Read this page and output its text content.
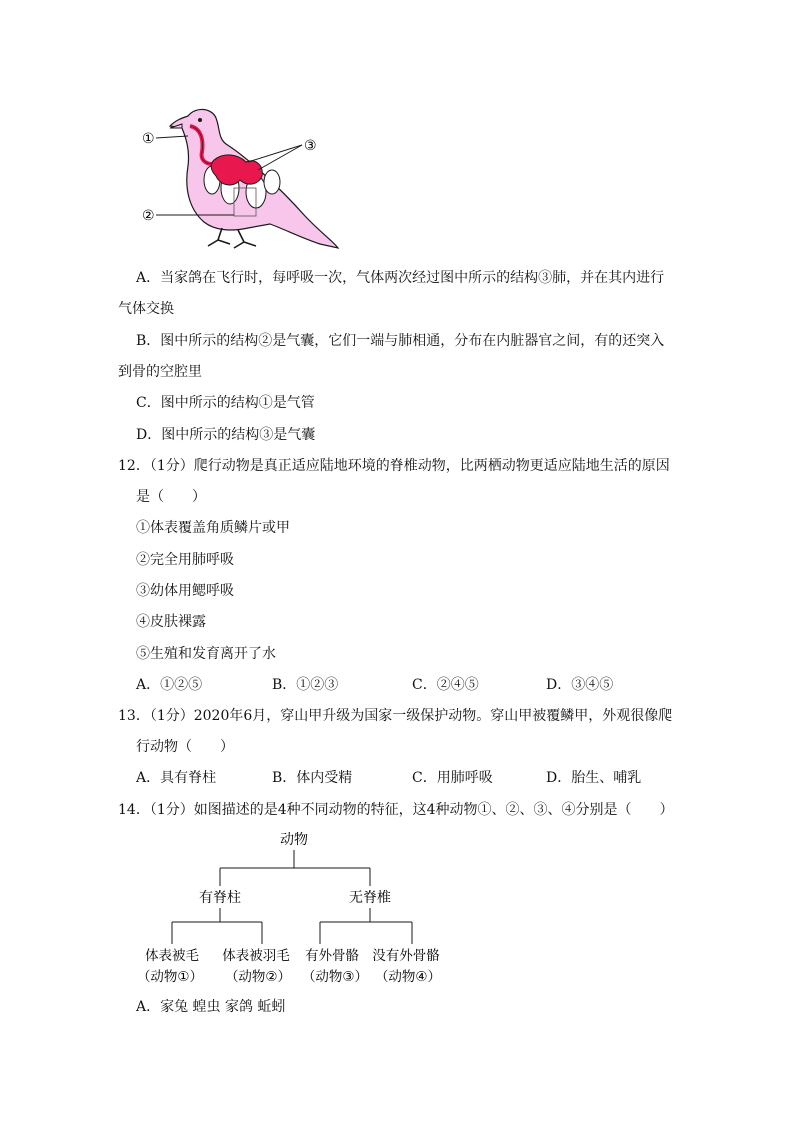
①
②
③
A．当家鸽在飞行时，每呼吸一次，气体两次经过图中所示的结构③肺，并在其内进行
气体交换
B．图中所示的结构②是气囊，它们一端与肺相通，分布在内脏器官之间，有的还突入
到骨的空腔里
C．图中所示的结构①是气管
D．图中所示的结构③是气囊
12．（1分）爬行动物是真正适应陆地环境的脊椎动物，比两栖动物更适应陆地生活的原因
是（　　）
①体表覆盖角质鳞片或甲
②完全用肺呼吸
③幼体用鳃呼吸
④皮肤裸露
⑤生殖和发育离开了水
A．①②⑤	B．①②③	C．②④⑤	D．③④⑤
13．（1分）2020年6月，穿山甲升级为国家一级保护动物。穿山甲被覆鳞甲，外观很像爬
行动物（　　）
A．具有脊柱	B．体内受精	C．用肺呼吸	D．胎生、哺乳
14．（1分）如图描述的是4种不同动物的特征，这4种动物①、②、③、④分别是（　　）
动物
有脊柱	无脊椎
体表被毛 体表被羽毛 有外骨骼 没有外骨骼
（动物①） （动物②） （动物③） （动物④）
A．家兔 蝗虫 家鸽 蚯蚓
